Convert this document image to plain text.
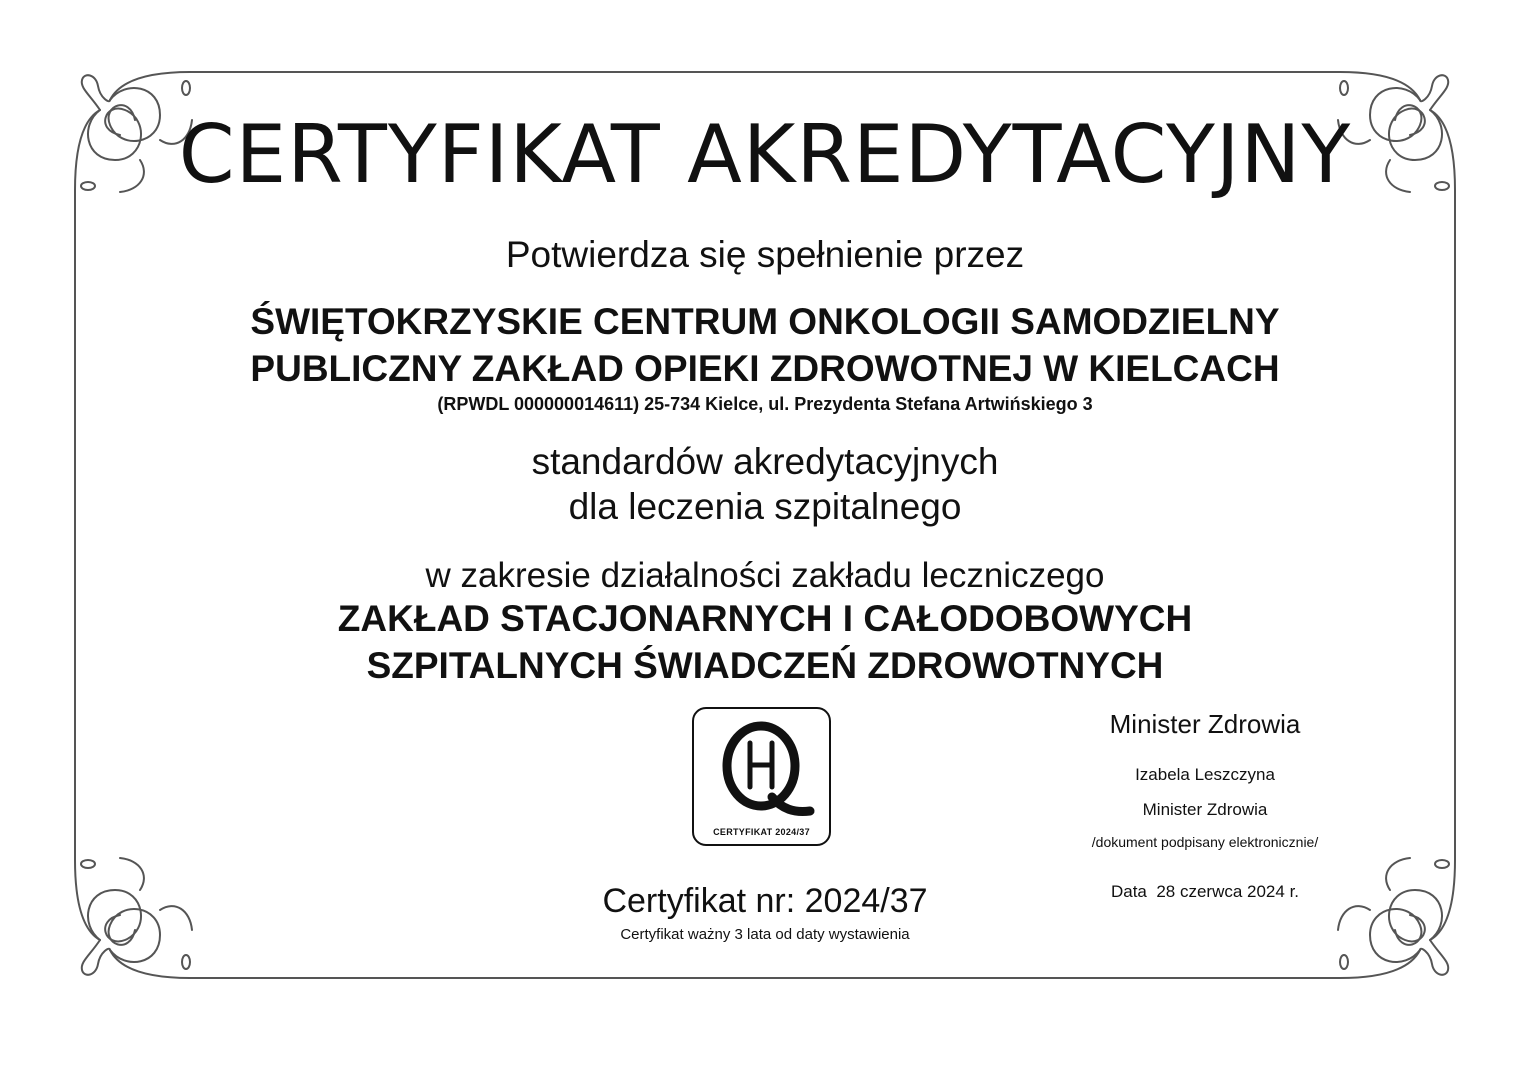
CERTYFIKAT AKREDYTACYJNY
Potwierdza się spełnienie przez
ŚWIĘTOKRZYSKIE CENTRUM ONKOLOGII SAMODZIELNY
PUBLICZNY ZAKŁAD OPIEKI ZDROWOTNEJ W KIELCACH
(RPWDL 000000014611) 25-734 Kielce, ul. Prezydenta Stefana Artwińskiego 3
standardów akredytacyjnych
dla leczenia szpitalnego
w zakresie działalności zakładu leczniczego
ZAKŁAD STACJONARNYCH I CAŁODOBOWYCH
SZPITALNYCH ŚWIADCZEŃ ZDROWOTNYCH
CERTYFIKAT 2024/37
Certyfikat nr: 2024/37
Certyfikat ważny 3 lata od daty wystawienia
Minister Zdrowia
Izabela Leszczyna
Minister Zdrowia
/dokument podpisany elektronicznie/
Data  28 czerwca 2024 r.
